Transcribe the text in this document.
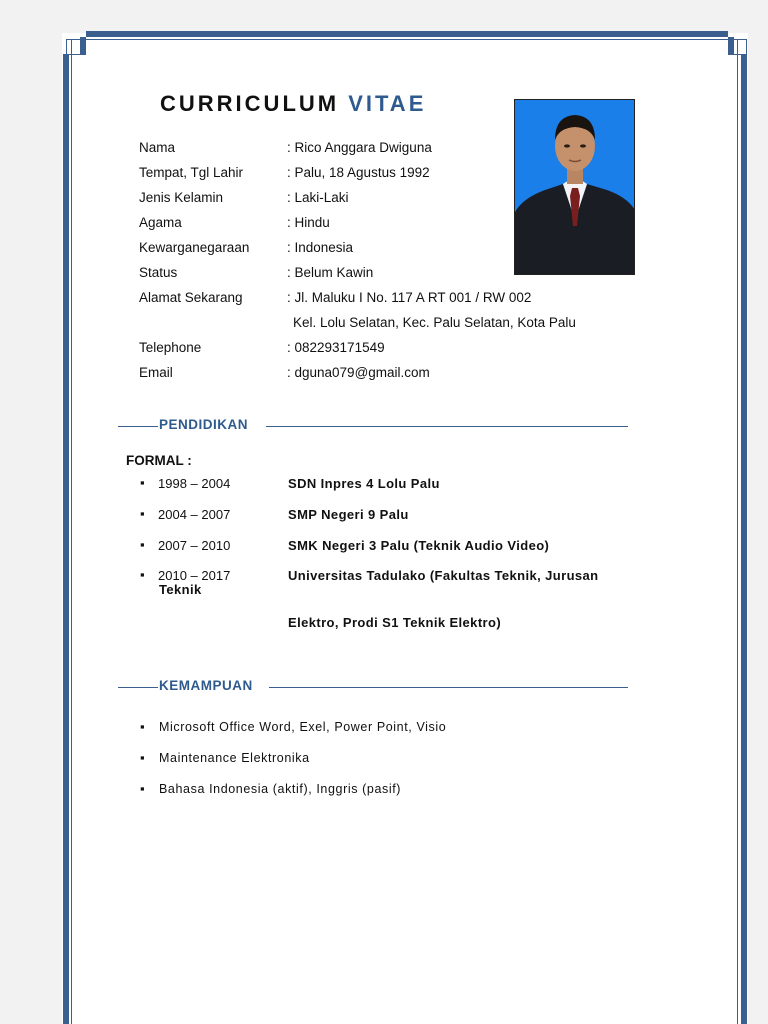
CURRICULUM VITAE
Nama	: Rico Anggara Dwiguna
Tempat, Tgl Lahir	: Palu, 18 Agustus 1992
Jenis Kelamin	: Laki-Laki
Agama	: Hindu
Kewarganegaraan	: Indonesia
Status	: Belum Kawin
Alamat Sekarang	: Jl. Maluku I No. 117 A RT 001 / RW 002
Kel. Lolu Selatan, Kec. Palu Selatan, Kota Palu
Telephone	: 082293171549
Email	: dguna079@gmail.com
PENDIDIKAN
FORMAL :
▪ 1998 – 2004	SDN Inpres 4 Lolu Palu
▪ 2004 – 2007	SMP Negeri 9 Palu
▪ 2007 – 2010	SMK Negeri 3 Palu (Teknik Audio Video)
▪ 2010 – 2017	Universitas Tadulako (Fakultas Teknik, Jurusan
Teknik
Elektro, Prodi S1 Teknik Elektro)
KEMAMPUAN
▪ Microsoft Office Word, Exel, Power Point, Visio
▪ Maintenance Elektronika
▪ Bahasa Indonesia (aktif), Inggris (pasif)
